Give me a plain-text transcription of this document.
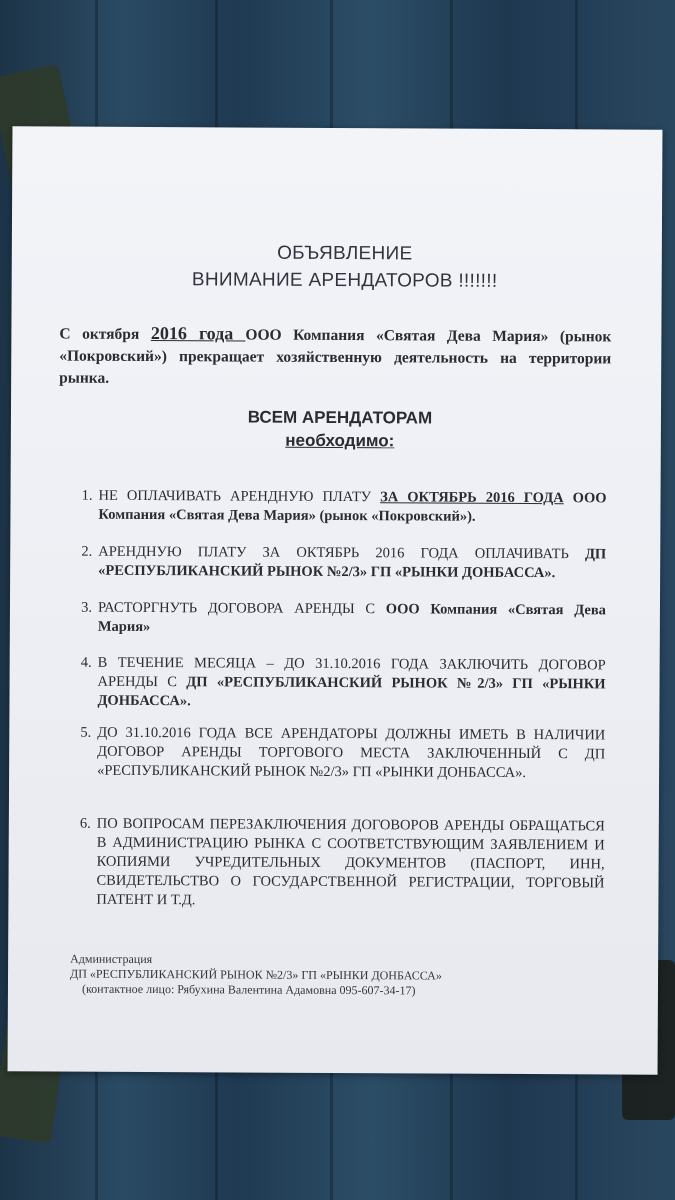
ОБЪЯВЛЕНИЕ
ВНИМАНИЕ АРЕНДАТОРОВ !!!!!!!
С октября 2016 года ООО Компания «Святая Дева Мария» (рынок «Покровский») прекращает хозяйственную деятельность на территории рынка.
ВСЕМ АРЕНДАТОРАМ
необходимо:
1. НЕ ОПЛАЧИВАТЬ АРЕНДНУЮ ПЛАТУ ЗА ОКТЯБРЬ 2016 ГОДА ООО Компания «Святая Дева Мария» (рынок «Покровский»).
2. АРЕНДНУЮ ПЛАТУ ЗА ОКТЯБРЬ 2016 ГОДА ОПЛАЧИВАТЬ ДП «РЕСПУБЛИКАНСКИЙ РЫНОК №2/3» ГП «РЫНКИ ДОНБАССА».
3. РАСТОРГНУТЬ ДОГОВОРА АРЕНДЫ С ООО Компания «Святая Дева Мария»
4. В ТЕЧЕНИЕ МЕСЯЦА – ДО 31.10.2016 ГОДА ЗАКЛЮЧИТЬ ДОГОВОР АРЕНДЫ С ДП «РЕСПУБЛИКАНСКИЙ РЫНОК №2/3» ГП «РЫНКИ ДОНБАССА».
5. ДО 31.10.2016 ГОДА ВСЕ АРЕНДАТОРЫ ДОЛЖНЫ ИМЕТЬ В НАЛИЧИИ ДОГОВОР АРЕНДЫ ТОРГОВОГО МЕСТА ЗАКЛЮЧЕННЫЙ С ДП «РЕСПУБЛИКАНСКИЙ РЫНОК №2/3» ГП «РЫНКИ ДОНБАССА».
6. ПО ВОПРОСАМ ПЕРЕЗАКЛЮЧЕНИЯ ДОГОВОРОВ АРЕНДЫ ОБРАЩАТЬСЯ В АДМИНИСТРАЦИЮ РЫНКА С СООТВЕТСТВУЮЩИМ ЗАЯВЛЕНИЕМ И КОПИЯМИ УЧРЕДИТЕЛЬНЫХ ДОКУМЕНТОВ (ПАСПОРТ, ИНН, СВИДЕТЕЛЬСТВО О ГОСУДАРСТВЕННОЙ РЕГИСТРАЦИИ, ТОРГОВЫЙ ПАТЕНТ И Т.Д.
Администрация
ДП «РЕСПУБЛИКАНСКИЙ РЫНОК №2/3» ГП «РЫНКИ ДОНБАССА»
(контактное лицо: Рябухина Валентина Адамовна 095-607-34-17)
